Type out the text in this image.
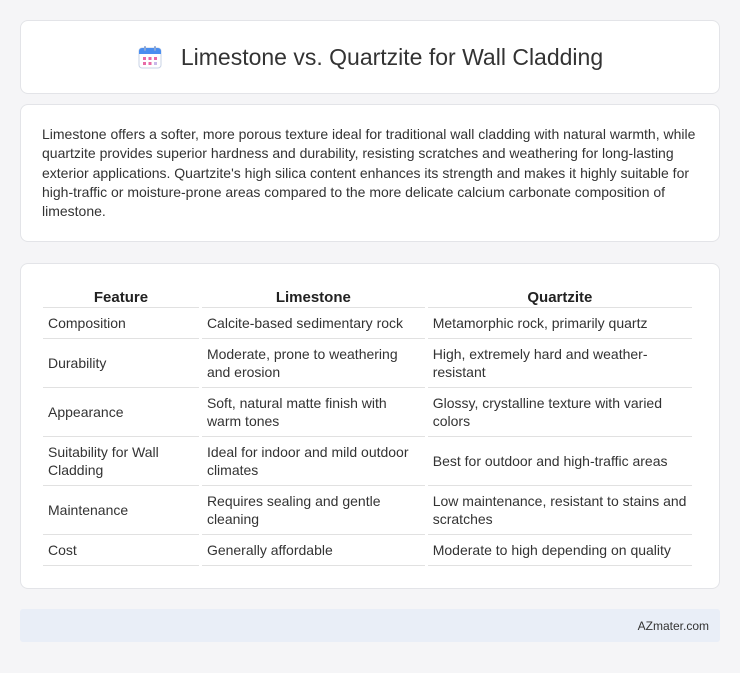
Limestone vs. Quartzite for Wall Cladding

Limestone offers a softer, more porous texture ideal for traditional wall cladding with natural warmth, while quartzite provides superior hardness and durability, resisting scratches and weathering for long-lasting exterior applications. Quartzite's high silica content enhances its strength and makes it highly suitable for high-traffic or moisture-prone areas compared to the more delicate calcium carbonate composition of limestone.

Feature	Limestone	Quartzite
Composition	Calcite-based sedimentary rock	Metamorphic rock, primarily quartz
Durability	Moderate, prone to weathering and erosion	High, extremely hard and weather-resistant
Appearance	Soft, natural matte finish with warm tones	Glossy, crystalline texture with varied colors
Suitability for Wall Cladding	Ideal for indoor and mild outdoor climates	Best for outdoor and high-traffic areas
Maintenance	Requires sealing and gentle cleaning	Low maintenance, resistant to stains and scratches
Cost	Generally affordable	Moderate to high depending on quality
AZmater.com
